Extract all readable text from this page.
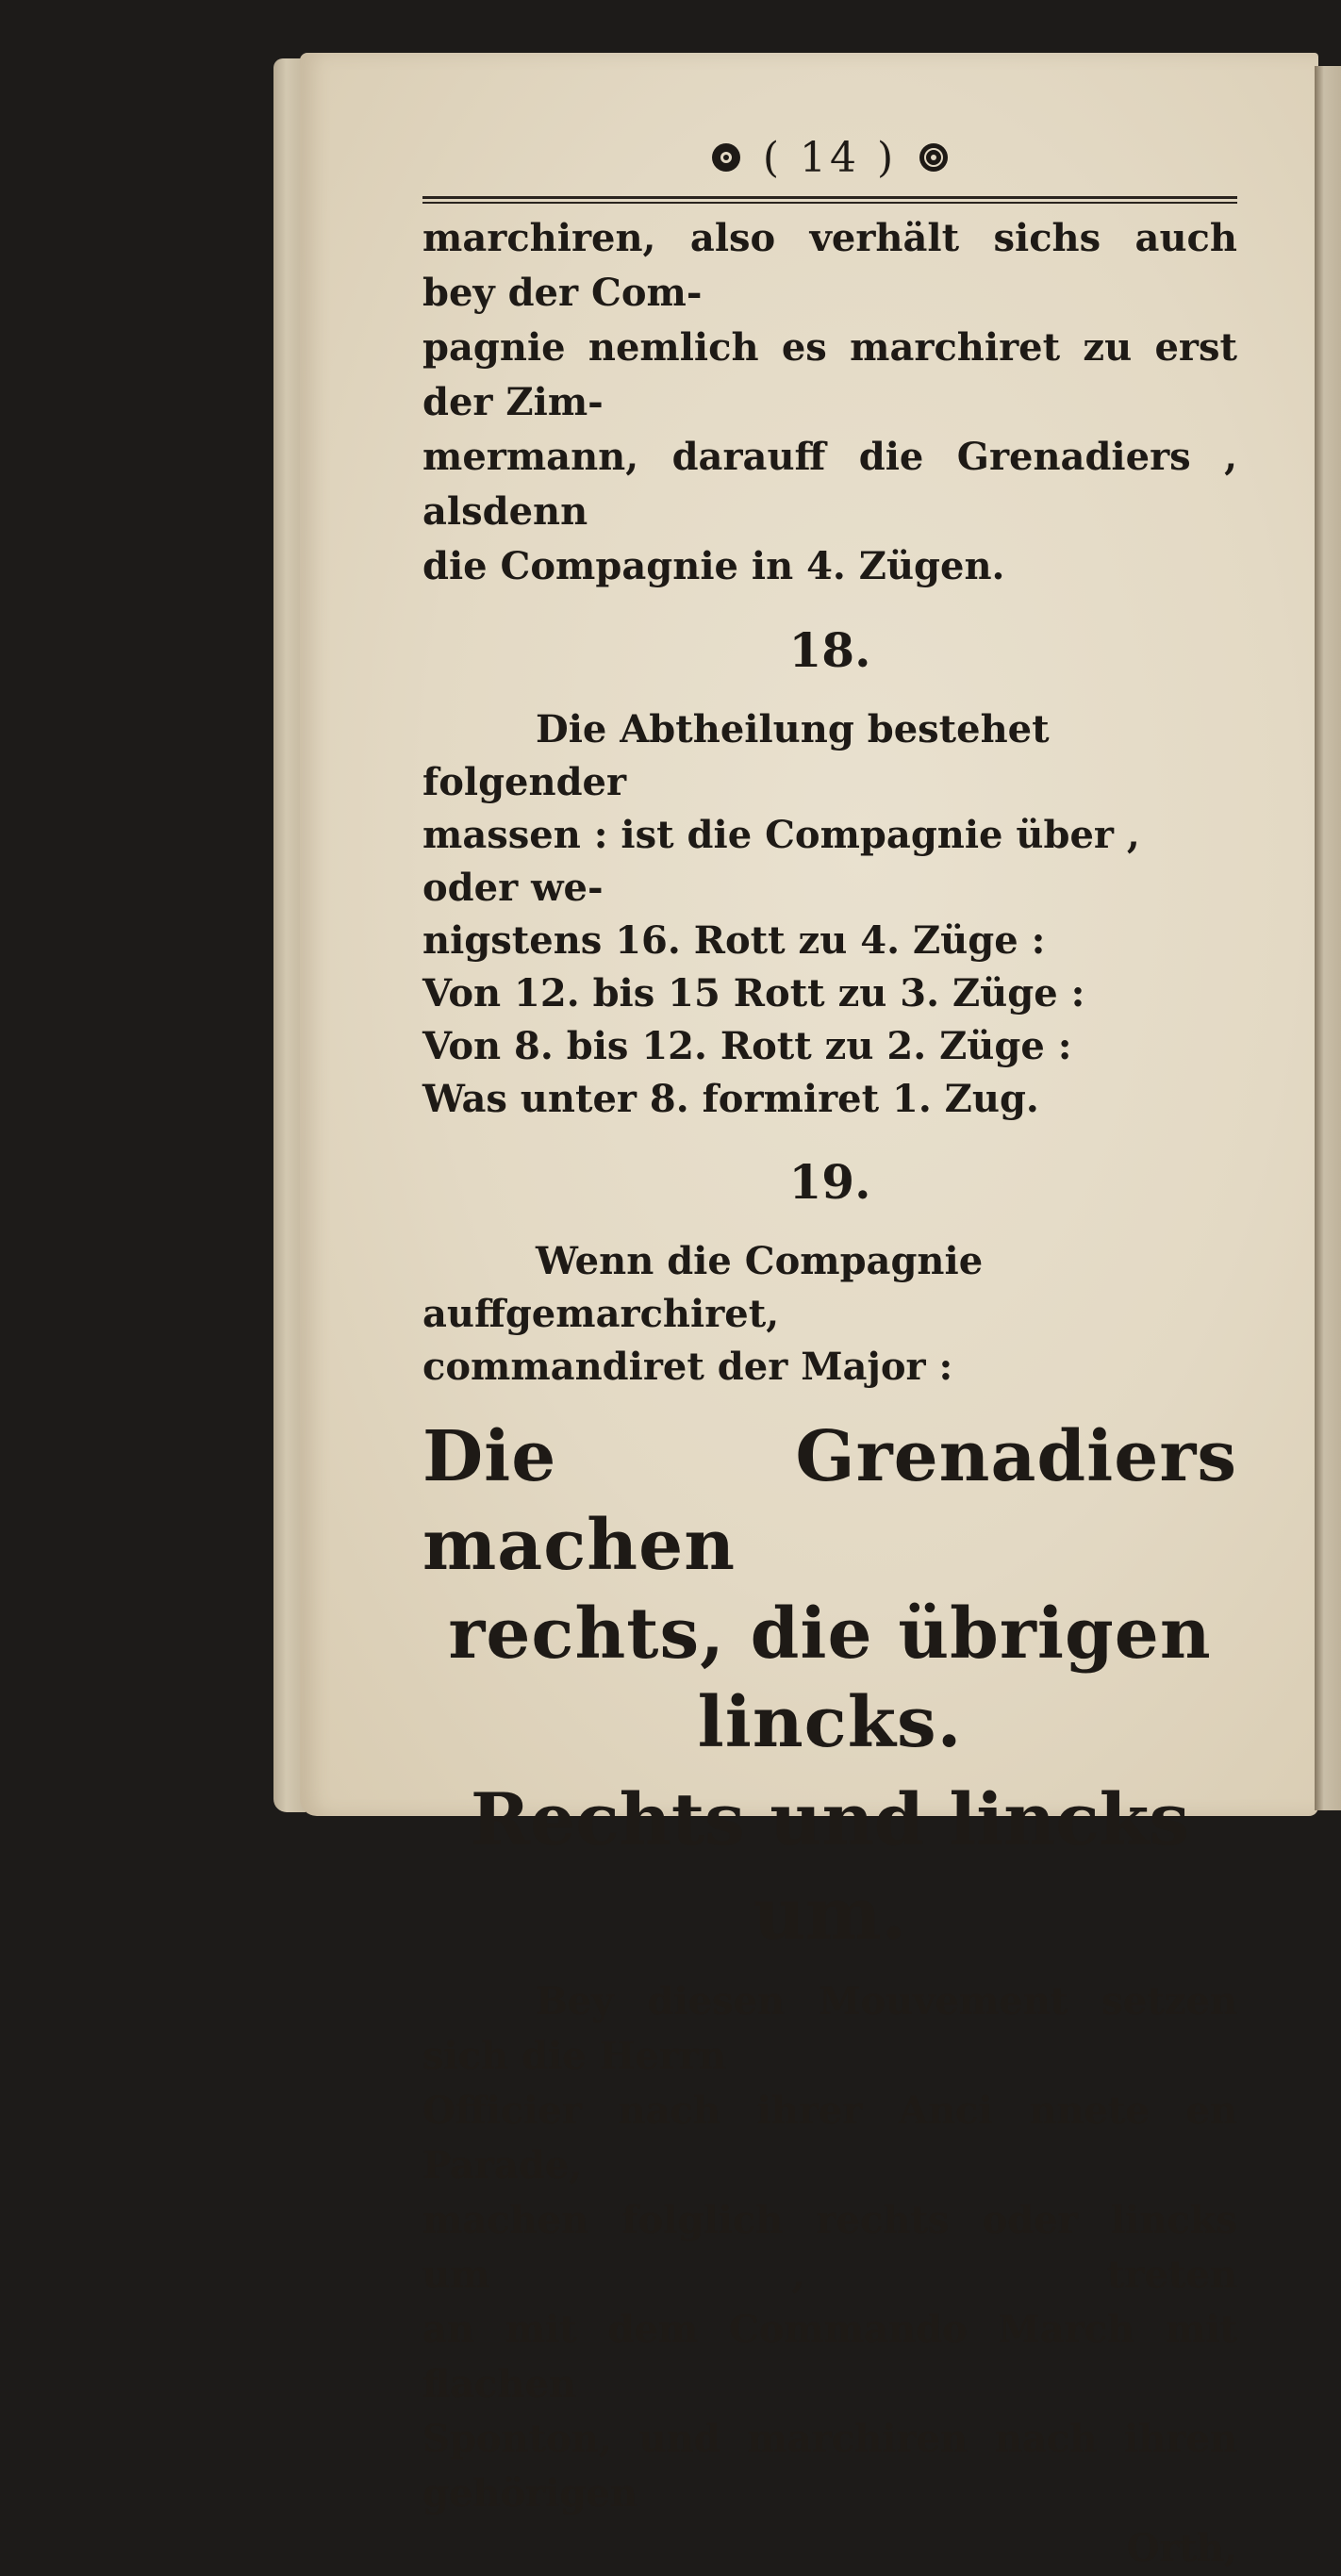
( 14 )

marchiren, also verhält sichs auch bey der Com-

pagnie nemlich es marchiret zu erst der Zim-

mermann, darauff die Grenadiers , alsdenn

die Compagnie in 4. Zügen.

18.

Die Abtheilung bestehet folgender

massen : ist die Compagnie über , oder we-

nigstens 16. Rott zu 4. Züge :

Von 12. bis 15 Rott zu 3. Züge :

Von 8. bis 12. Rott zu 2. Züge :

Was unter 8. formiret 1. Zug.

19.

Wenn die Compagnie auffgemarchiret,

commandiret der Major :

Die Grenadiers machen

rechts, die übrigen lincks.

Rechts und lincks um.

Bey diesen Mouvement setzen sich die Herrn

Officier nach ihrer Anci nnete en Parade,

machen folglich rechts oder lincks um , treten

an mit dem Commando March mit flachen

Sponton, und marchiren nach ihren gehörigen

Orth,
